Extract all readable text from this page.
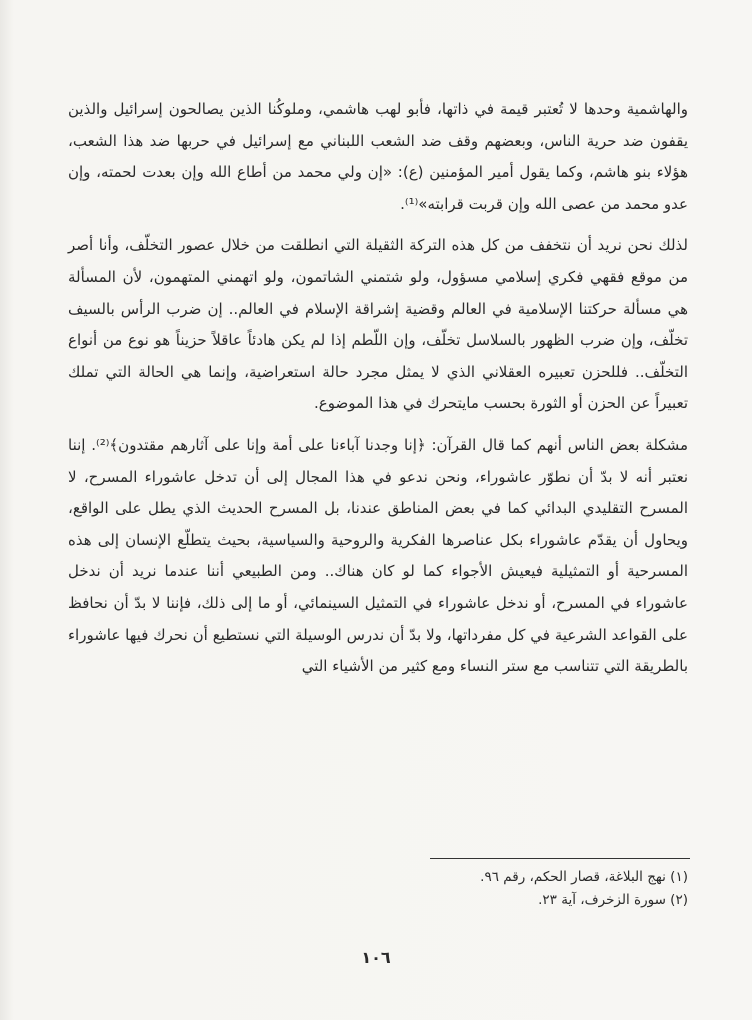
والهاشمية وحدها لا تُعتبر قيمة في ذاتها، فأبو لهب هاشمي، وملوكُنا الذين يصالحون إسرائيل والذين يقفون ضد حرية الناس، وبعضهم وقف ضد الشعب اللبناني مع إسرائيل في حربها ضد هذا الشعب، هؤلاء بنو هاشم، وكما يقول أمير المؤمنين (ع): «إن ولي محمد من أطاع الله وإن بعدت لحمته، وإن عدو محمد من عصى الله وإن قربت قرابته»⁽¹⁾.

لذلك نحن نريد أن نتخفف من كل هذه التركة الثقيلة التي انطلقت من خلال عصور التخلّف، وأنا أصر من موقع فقهي فكري إسلامي مسؤول، ولو شتمني الشاتمون، ولو اتهمني المتهمون، لأن المسألة هي مسألة حركتنا الإسلامية في العالم وقضية إشراقة الإسلام في العالم.. إن ضرب الرأس بالسيف تخلّف، وإن ضرب الظهور بالسلاسل تخلّف، وإن اللّطم إذا لم يكن هادئاً عاقلاً حزيناً هو نوع من أنواع التخلّف.. فللحزن تعبيره العقلاني الذي لا يمثل مجرد حالة استعراضية، وإنما هي الحالة التي تملك تعبيراً عن الحزن أو الثورة بحسب مايتحرك في هذا الموضوع.

مشكلة بعض الناس أنهم كما قال القرآن: ﴿إنا وجدنا آباءنا على أمة وإنا على آثارهم مقتدون﴾⁽²⁾. إننا نعتبر أنه لا بدّ أن نطوّر عاشوراء، ونحن ندعو في هذا المجال إلى أن تدخل عاشوراء المسرح، لا المسرح التقليدي البدائي كما في بعض المناطق عندنا، بل المسرح الحديث الذي يطل على الواقع، ويحاول أن يقدّم عاشوراء بكل عناصرها الفكرية والروحية والسياسية، بحيث يتطلّع الإنسان إلى هذه المسرحية أو التمثيلية فيعيش الأجواء كما لو كان هناك.. ومن الطبيعي أننا عندما نريد أن ندخل عاشوراء في المسرح، أو ندخل عاشوراء في التمثيل السينمائي، أو ما إلى ذلك، فإننا لا بدّ أن نحافظ على القواعد الشرعية في كل مفرداتها، ولا بدّ أن ندرس الوسيلة التي نستطيع أن نحرك فيها عاشوراء بالطريقة التي تتناسب مع ستر النساء ومع كثير من الأشياء التي

(١) نهج البلاغة، قصار الحكم، رقم ٩٦.
(٢) سورة الزخرف، آية ٢٣.
١٠٦
